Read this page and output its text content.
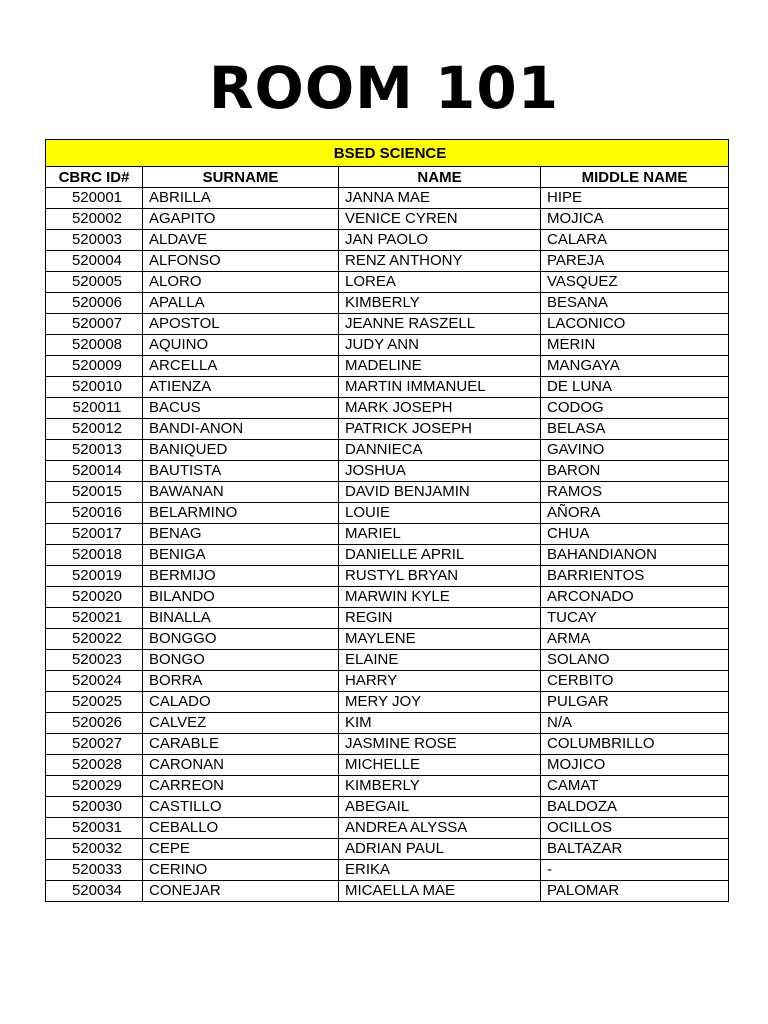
ROOM 101
BSED SCIENCE			
CBRC ID#	SURNAME	NAME	MIDDLE NAME
520001	ABRILLA	JANNA MAE	HIPE
520002	AGAPITO	VENICE CYREN	MOJICA
520003	ALDAVE	JAN PAOLO	CALARA
520004	ALFONSO	RENZ ANTHONY	PAREJA
520005	ALORO	LOREA	VASQUEZ
520006	APALLA	KIMBERLY	BESANA
520007	APOSTOL	JEANNE RASZELL	LACONICO
520008	AQUINO	JUDY ANN	MERIN
520009	ARCELLA	MADELINE	MANGAYA
520010	ATIENZA	MARTIN IMMANUEL	DE LUNA
520011	BACUS	MARK JOSEPH	CODOG
520012	BANDI-ANON	PATRICK JOSEPH	BELASA
520013	BANIQUED	DANNIECA	GAVINO
520014	BAUTISTA	JOSHUA	BARON
520015	BAWANAN	DAVID BENJAMIN	RAMOS
520016	BELARMINO	LOUIE	AÑORA
520017	BENAG	MARIEL	CHUA
520018	BENIGA	DANIELLE APRIL	BAHANDIANON
520019	BERMIJO	RUSTYL BRYAN	BARRIENTOS
520020	BILANDO	MARWIN KYLE	ARCONADO
520021	BINALLA	REGIN	TUCAY
520022	BONGGO	MAYLENE	ARMA
520023	BONGO	ELAINE	SOLANO
520024	BORRA	HARRY	CERBITO
520025	CALADO	MERY JOY	PULGAR
520026	CALVEZ	KIM	N/A
520027	CARABLE	JASMINE ROSE	COLUMBRILLO
520028	CARONAN	MICHELLE	MOJICO
520029	CARREON	KIMBERLY	CAMAT
520030	CASTILLO	ABEGAIL	BALDOZA
520031	CEBALLO	ANDREA ALYSSA	OCILLOS
520032	CEPE	ADRIAN PAUL	BALTAZAR
520033	CERINO	ERIKA	-
520034	CONEJAR	MICAELLA MAE	PALOMAR
